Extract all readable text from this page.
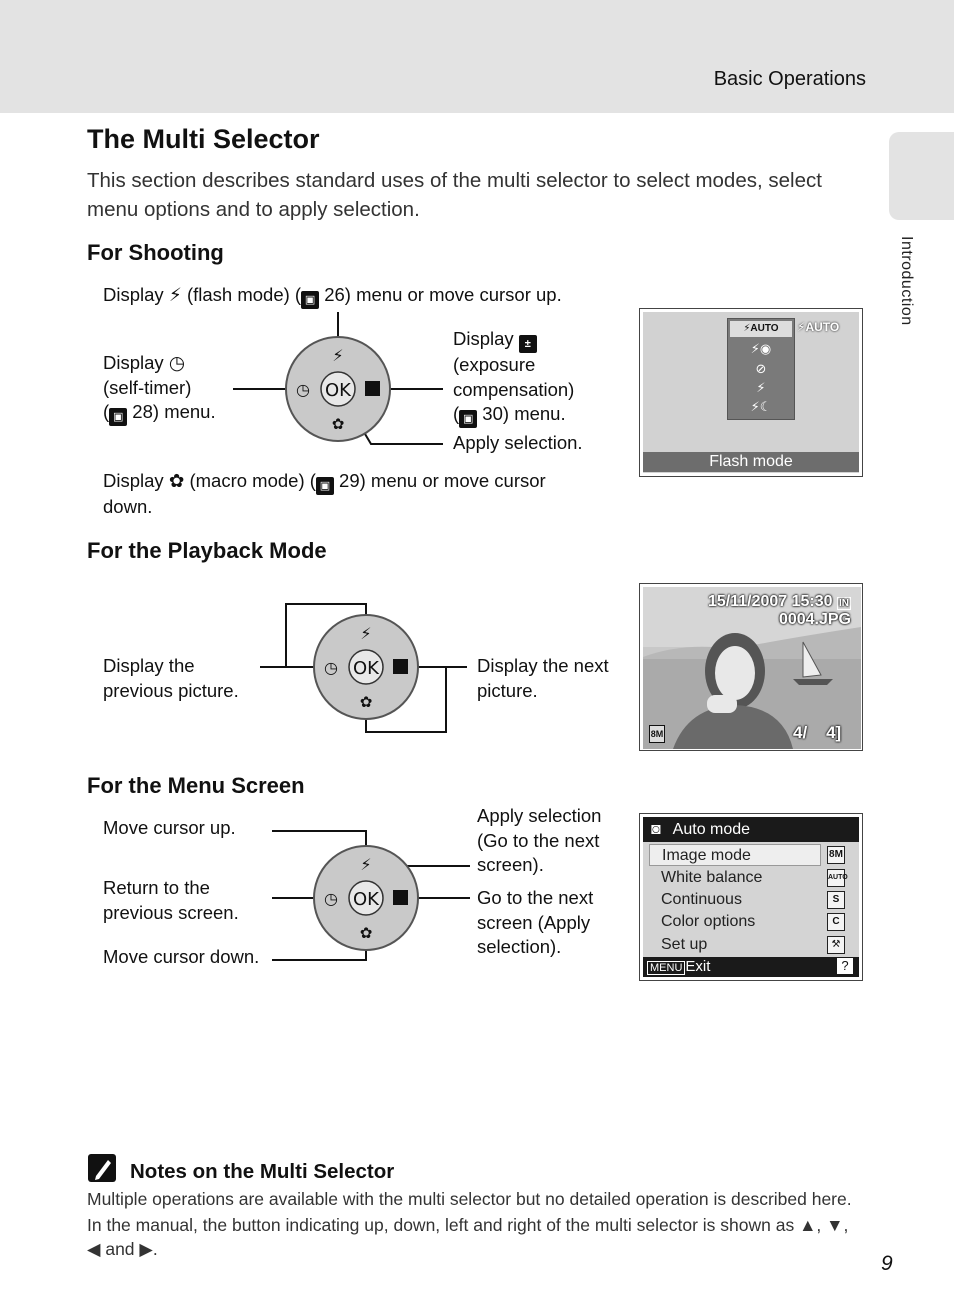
Basic Operations
Introduction
The Multi Selector
This section describes standard uses of the multi selector to select modes, select menu options and to apply selection.
For Shooting
Display ⚡ (flash mode) ( ▣ 26) menu or move cursor up.
Display ◷
(self-timer)
( ▣ 28) menu.
Display ±
(exposure
compensation)
( ▣ 30) menu.
Apply selection.
Display ✿ (macro mode) ( ▣ 29) menu or move cursor
down.
OK
⚡
◷
✿
⚡AUTO
⚡◉
⊘
⚡
⚡☾
⚡AUTO
Flash mode
For the Playback Mode
Display the
previous picture.
Display the next
picture.
OK
⚡
◷
✿
15/11/2007 15:30 IN
0004.JPG
8M	4/ 4]
For the Menu Screen
Move cursor up.
Return to the
previous screen.
Move cursor down.
Apply selection
(Go to the next
screen).
Go to the next
screen (Apply
selection).
OK
⚡
◷
✿
◙ Auto mode
Image mode	8M
White balance	AUTO
Continuous	S
Color options	C
Set up	⚒
MENU Exit	?
Notes on the Multi Selector
Multiple operations are available with the multi selector but no detailed operation is described here.
In the manual, the button indicating up, down, left and right of the multi selector is shown as ▲, ▼,
◀ and ▶.
9
